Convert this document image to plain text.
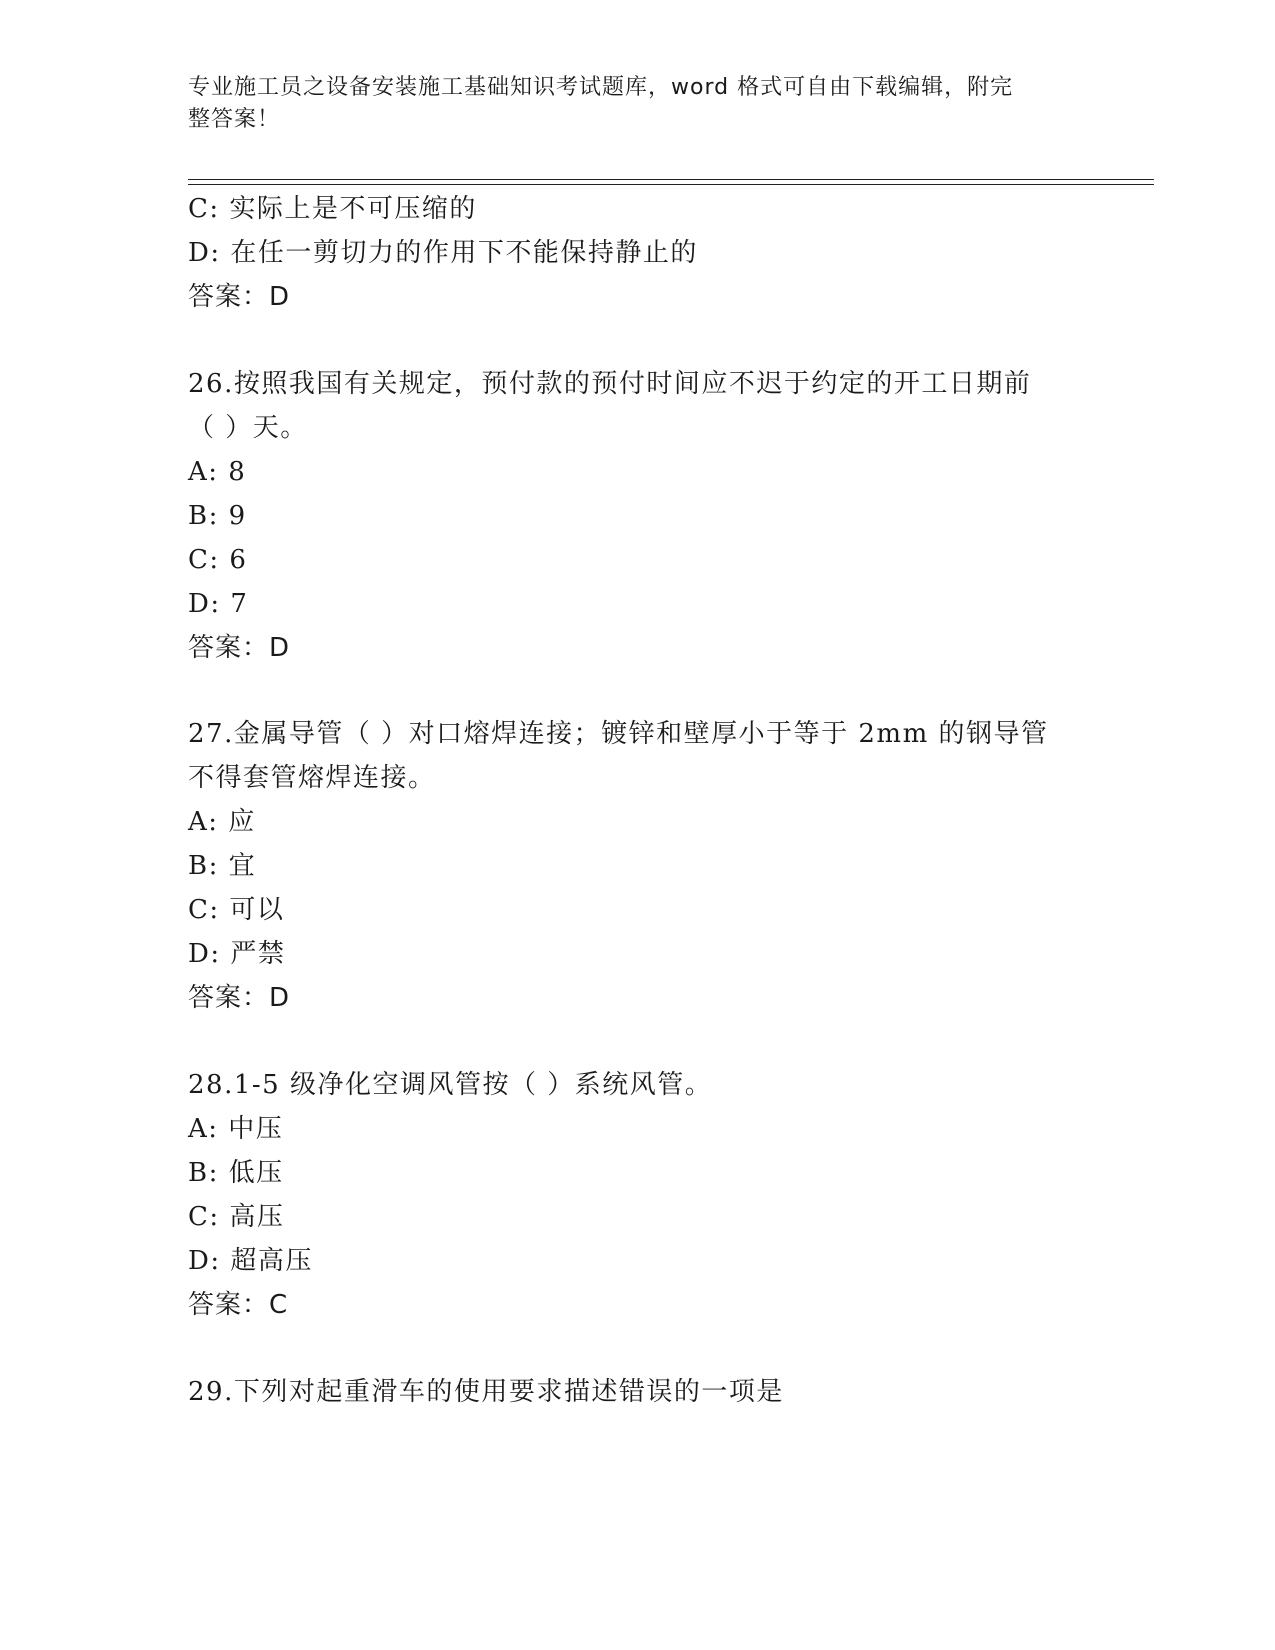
专业施工员之设备安装施工基础知识考试题库，word 格式可自由下载编辑，附完
整答案！
C: 实际上是不可压缩的
D: 在任一剪切力的作用下不能保持静止的
答案：D
26.按照我国有关规定，预付款的预付时间应不迟于约定的开工日期前
（ ）天。
A: 8
B: 9
C: 6
D: 7
答案：D
27.金属导管（ ）对口熔焊连接；镀锌和壁厚小于等于 2mm 的钢导管
不得套管熔焊连接。
A: 应
B: 宜
C: 可以
D: 严禁
答案：D
28.1-5 级净化空调风管按（ ）系统风管。
A: 中压
B: 低压
C: 高压
D: 超高压
答案：C
29.下列对起重滑车的使用要求描述错误的一项是
